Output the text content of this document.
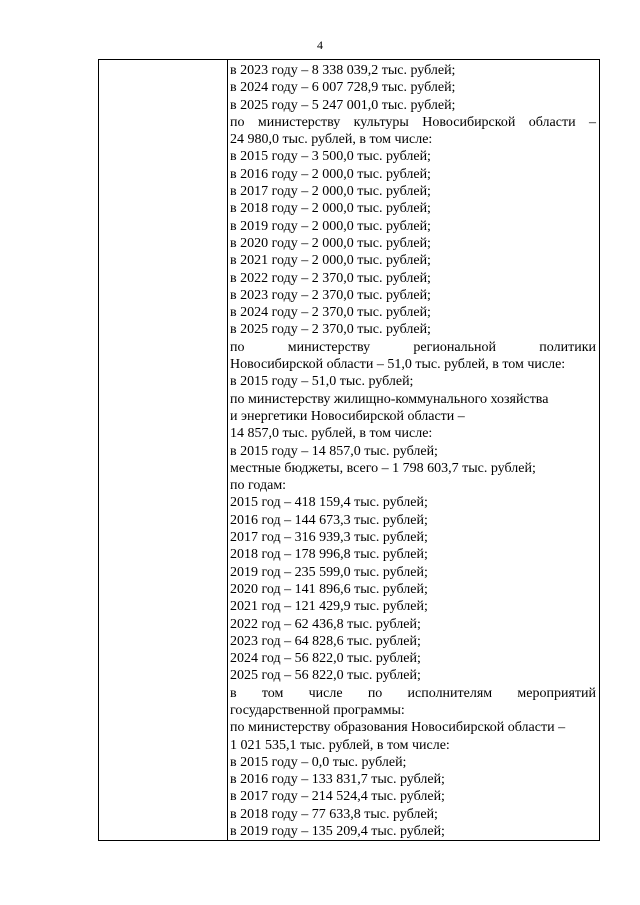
4
в 2023 году – 8 338 039,2 тыс. рублей;
в 2024 году – 6 007 728,9 тыс. рублей;
в 2025 году – 5 247 001,0 тыс. рублей;
по министерству культуры Новосибирской области –
24 980,0 тыс. рублей, в том числе:
в 2015 году – 3 500,0 тыс. рублей;
в 2016 году – 2 000,0 тыс. рублей;
в 2017 году – 2 000,0 тыс. рублей;
в 2018 году – 2 000,0 тыс. рублей;
в 2019 году – 2 000,0 тыс. рублей;
в 2020 году – 2 000,0 тыс. рублей;
в 2021 году – 2 000,0 тыс. рублей;
в 2022 году – 2 370,0 тыс. рублей;
в 2023 году – 2 370,0 тыс. рублей;
в 2024 году – 2 370,0 тыс. рублей;
в 2025 году – 2 370,0 тыс. рублей;
по министерству региональной политики
Новосибирской области – 51,0 тыс. рублей, в том числе:
в 2015 году – 51,0 тыс. рублей;
по министерству жилищно-коммунального хозяйства
и энергетики Новосибирской области –
14 857,0 тыс. рублей, в том числе:
в 2015 году – 14 857,0 тыс. рублей;
местные бюджеты, всего – 1 798 603,7 тыс. рублей;
по годам:
2015 год – 418 159,4 тыс. рублей;
2016 год – 144 673,3 тыс. рублей;
2017 год – 316 939,3 тыс. рублей;
2018 год – 178 996,8 тыс. рублей;
2019 год – 235 599,0 тыс. рублей;
2020 год – 141 896,6 тыс. рублей;
2021 год – 121 429,9 тыс. рублей;
2022 год – 62 436,8 тыс. рублей;
2023 год – 64 828,6 тыс. рублей;
2024 год – 56 822,0 тыс. рублей;
2025 год – 56 822,0 тыс. рублей;
в том числе по исполнителям мероприятий
государственной программы:
по министерству образования Новосибирской области –
1 021 535,1 тыс. рублей, в том числе:
в 2015 году – 0,0 тыс. рублей;
в 2016 году – 133 831,7 тыс. рублей;
в 2017 году – 214 524,4 тыс. рублей;
в 2018 году – 77 633,8 тыс. рублей;
в 2019 году – 135 209,4 тыс. рублей;
